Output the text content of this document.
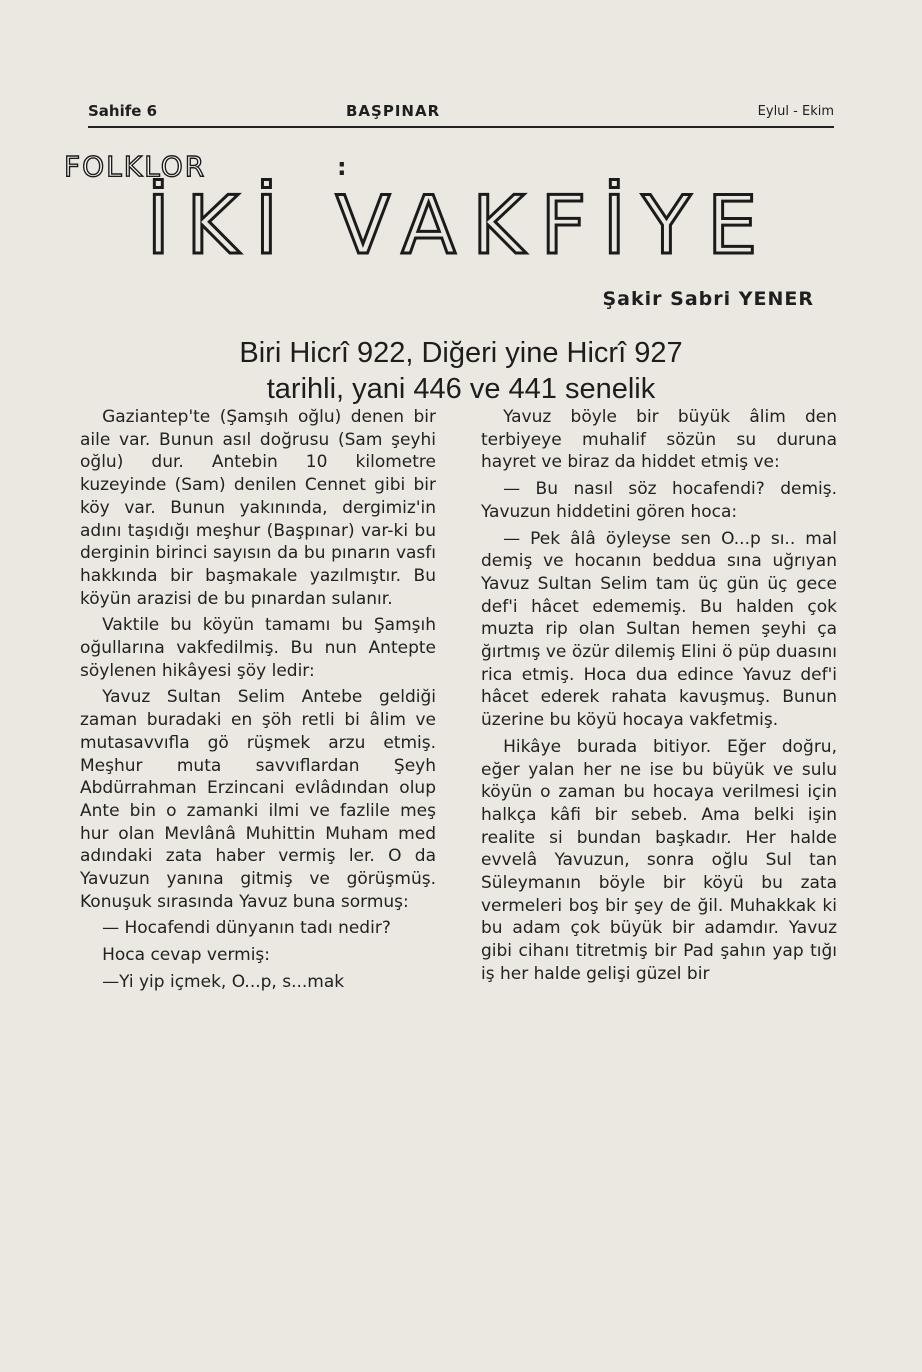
Sahife 6	BAŞPINAR	Eylul - Ekim
FOLKLOR	:
İKİ VAKFİYE
Şakir Sabri YENER
Biri Hicrî 922, Diğeri yine Hicrî 927
tarihli, yani 446 ve 441 senelik

Gaziantep'te (Şamşıh oğlu) denen bir aile var. Bunun asıl doğrusu (Sam şeyhi oğlu) dur. Antebin 10 kilometre kuzeyinde (Sam) denilen Cennet gibi bir köy var. Bunun yakınında, dergimiz'in adını taşıdığı meşhur (Başpınar) var-ki bu derginin birinci sayısın da bu pınarın vasfı hakkında bir başmakale yazılmıştır. Bu köyün arazisi de bu pınardan sulanır.

Vaktile bu köyün tamamı bu Şamşıh oğullarına vakfedilmiş. Bu nun Antepte söylenen hikâyesi şöy ledir:

Yavuz Sultan Selim Antebe geldiği zaman buradaki en şöh retli bi âlim ve mutasavvıfla gö rüşmek arzu etmiş. Meşhur muta savvıflardan Şeyh Abdürrahman Erzincani evlâdından olup Ante bin o zamanki ilmi ve fazlile meş hur olan Mevlânâ Muhittin Muham med adındaki zata haber vermiş ler. O da Yavuzun yanına gitmiş ve görüşmüş. Konuşuk sırasında Yavuz buna sormuş:

— Hocafendi dünyanın tadı nedir?

Hoca cevap vermiş:

—Yi yip içmek, O...p, s...mak

Yavuz böyle bir büyük âlim den terbiyeye muhalif sözün su duruna hayret ve biraz da hiddet etmiş ve:

— Bu nasıl söz hocafendi? demiş. Yavuzun hiddetini gören hoca:

— Pek âlâ öyleyse sen O...p sı.. mal demiş ve hocanın beddua sına uğrıyan Yavuz Sultan Selim tam üç gün üç gece def'i hâcet edememiş. Bu halden çok muzta rip olan Sultan hemen şeyhi ça ğırtmış ve özür dilemiş Elini ö püp duasını rica etmiş. Hoca dua edince Yavuz def'i hâcet ederek rahata kavuşmuş. Bunun üzerine bu köyü hocaya vakfetmiş.

Hikâye burada bitiyor. Eğer doğru, eğer yalan her ne ise bu büyük ve sulu köyün o zaman bu hocaya verilmesi için halkça kâfi bir sebeb. Ama belki işin realite si bundan başkadır. Her halde evvelâ Yavuzun, sonra oğlu Sul tan Süleymanın böyle bir köyü bu zata vermeleri boş bir şey de ğil. Muhakkak ki bu adam çok büyük bir adamdır. Yavuz gibi cihanı titretmiş bir Pad şahın yap tığı iş her halde gelişi güzel bir
